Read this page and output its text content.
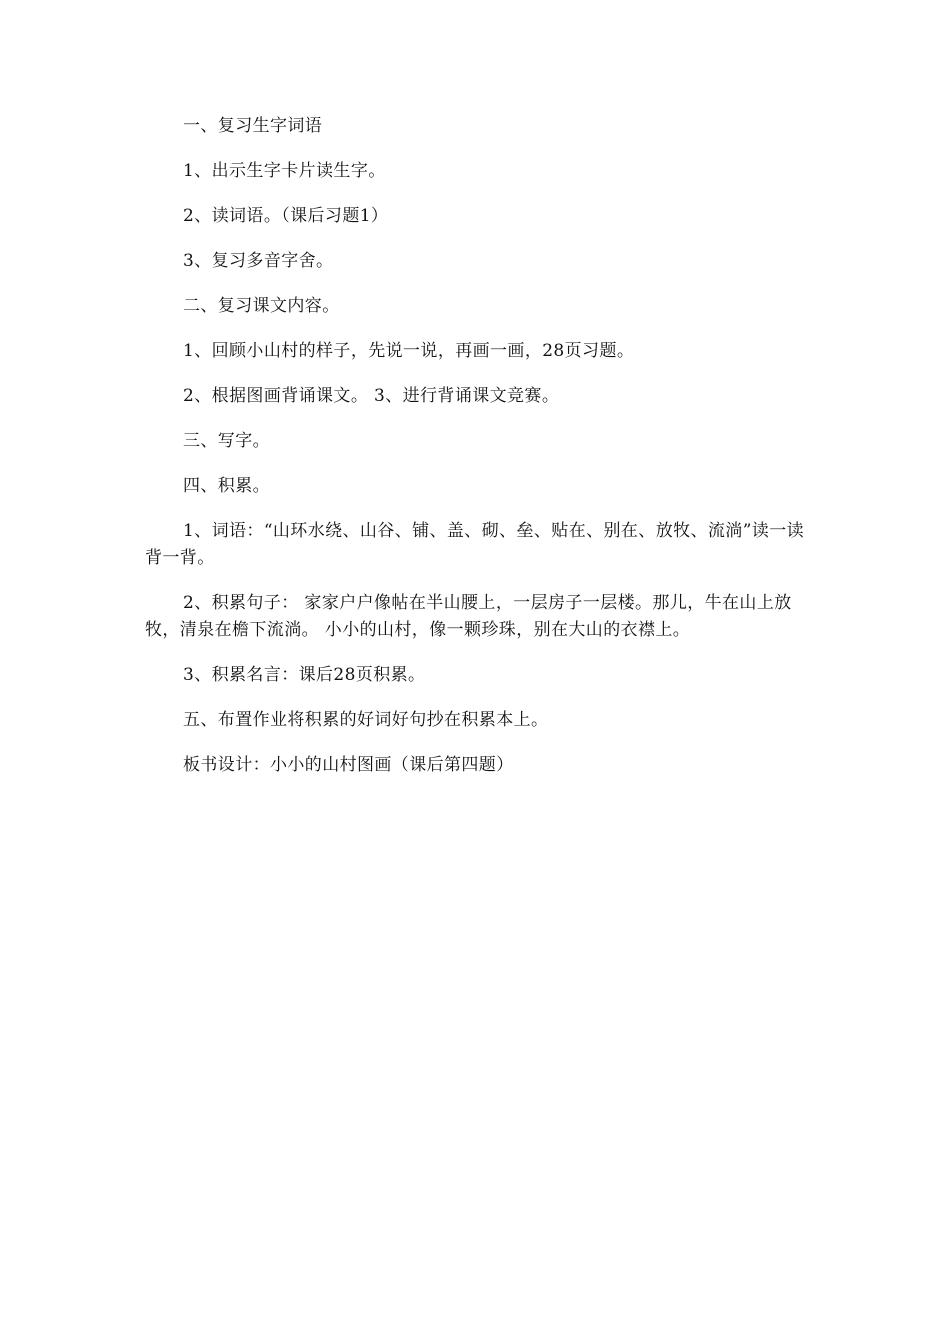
一、复习生字词语

1、出示生字卡片读生字。

2、读词语。（课后习题1）

3、复习多音字舍。

二、复习课文内容。

1、回顾小山村的样子，先说一说，再画一画，28页习题。

2、根据图画背诵课文。 3、进行背诵课文竞赛。

三、写字。

四、积累。

1、词语：“山环水绕、山谷、铺、盖、砌、垒、贴在、别在、放牧、流淌”读一读背一背。

2、积累句子： 家家户户像帖在半山腰上，一层房子一层楼。那儿，牛在山上放牧，清泉在檐下流淌。 小小的山村，像一颗珍珠，别在大山的衣襟上。

3、积累名言：课后28页积累。

五、布置作业将积累的好词好句抄在积累本上。

板书设计：小小的山村图画（课后第四题）
